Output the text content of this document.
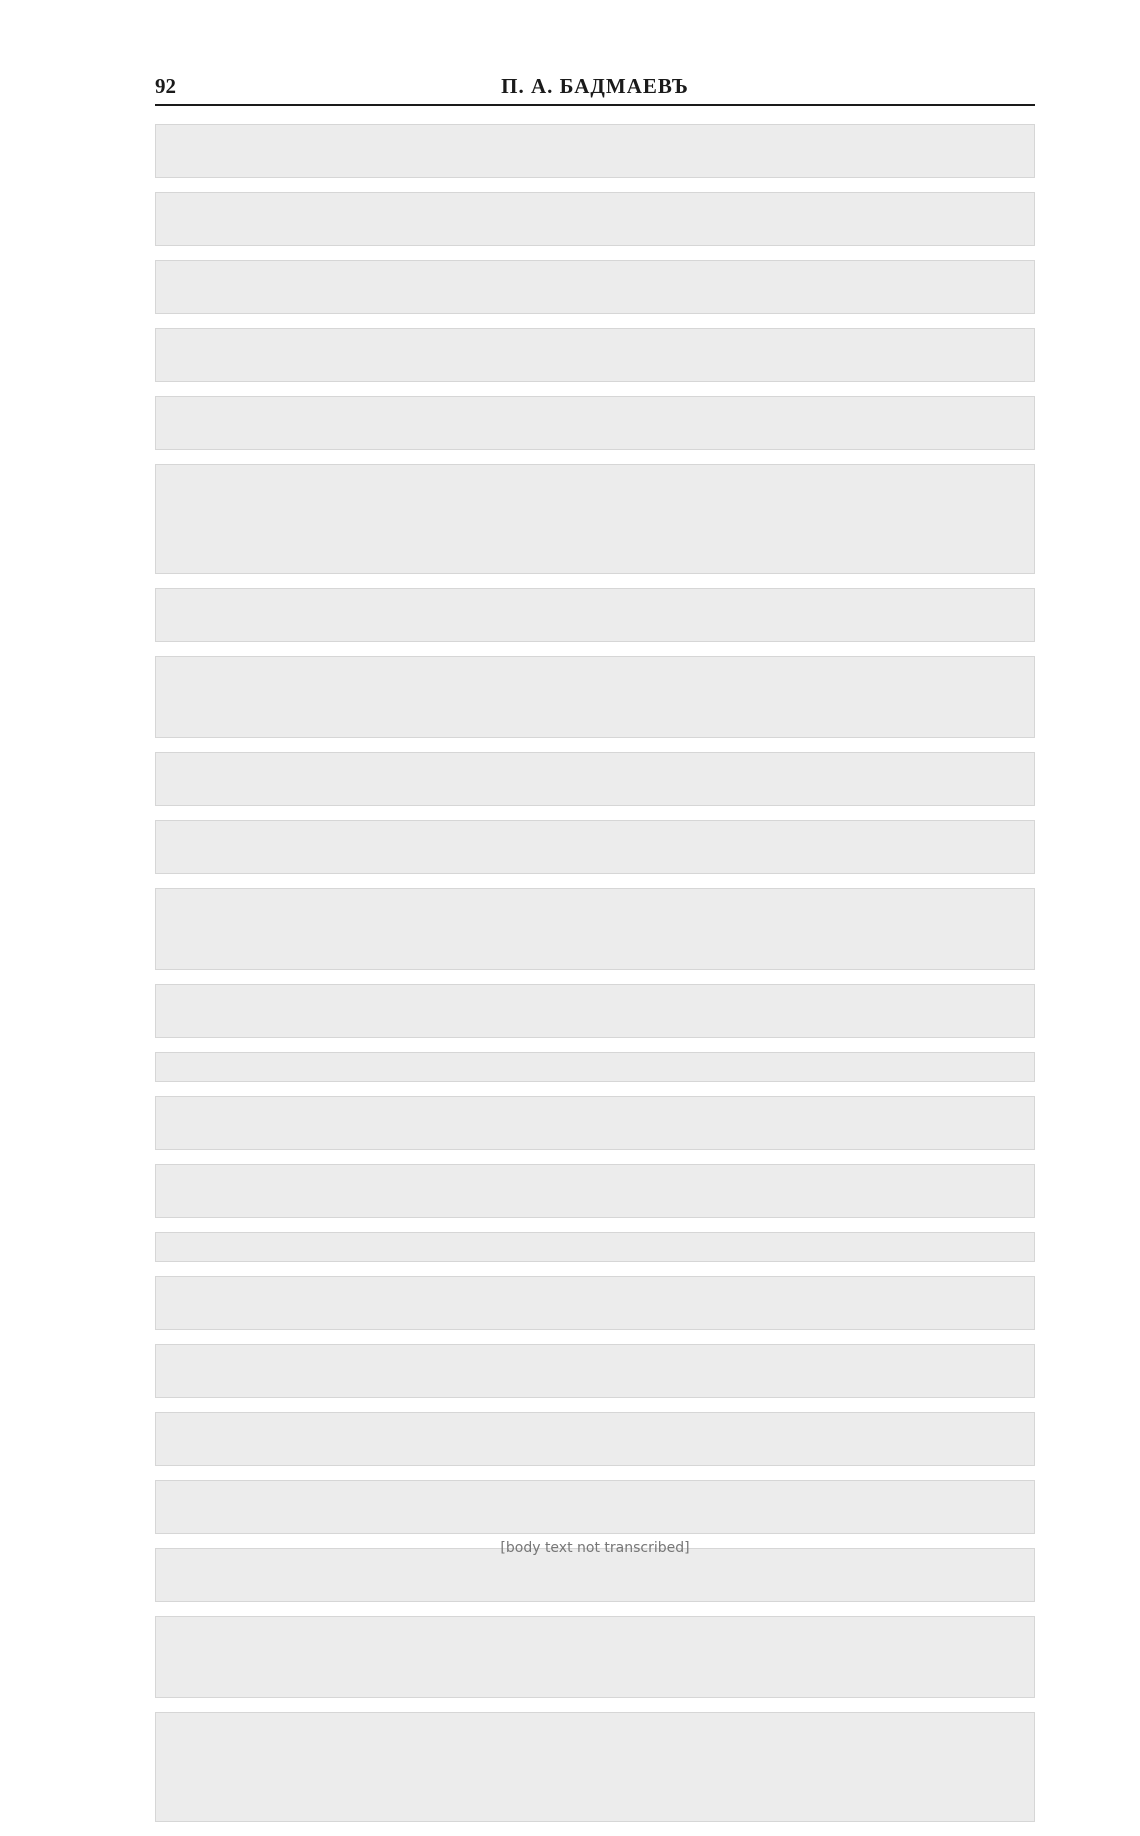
92	П. А. БАДМАЕВЪ
[body text not transcribed]
